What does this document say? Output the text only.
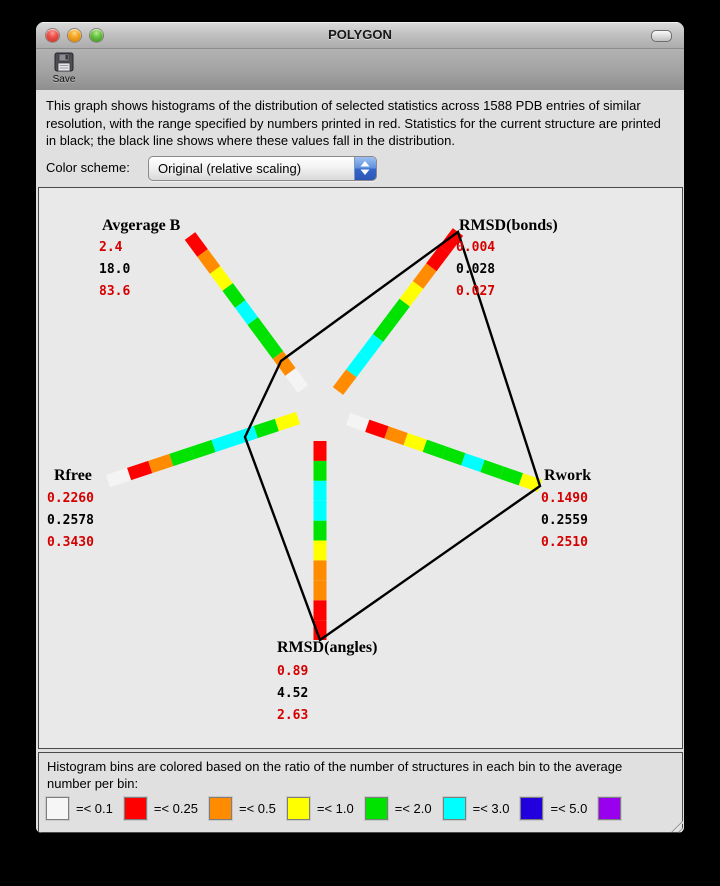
POLYGON
Save
This graph shows histograms of the distribution of selected statistics across 1588 PDB entries of similar resolution, with the range specified by numbers printed in red. Statistics for the current structure are printed in black; the black line shows where these values fall in the distribution.
Color scheme: Original (relative scaling)
Avgerage B
2.4
18.0
83.6
RMSD(bonds)
0.004
0.028
0.027
Rwork
0.1490
0.2559
0.2510
RMSD(angles)
0.89
4.52
2.63
Rfree
0.2260
0.2578
0.3430
Histogram bins are colored based on the ratio of the number of structures in each bin to the average number per bin:
=< 0.1	=< 0.25	=< 0.5	=< 1.0	=< 2.0	=< 3.0	=< 5.0
